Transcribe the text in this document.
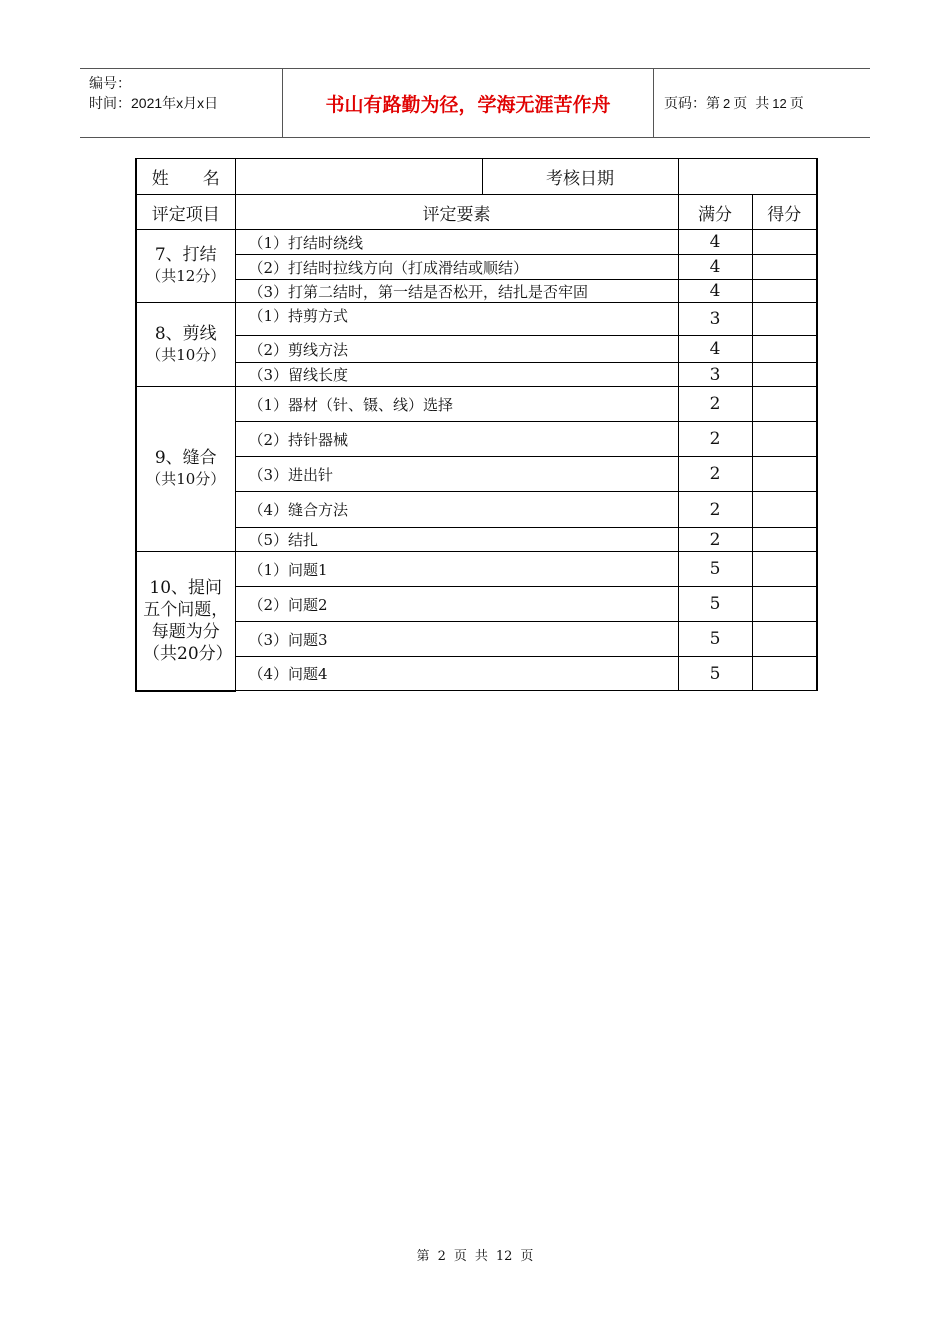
编号：
时间：2021年x月x日	书山有路勤为径，学海无涯苦作舟	页码：第 2 页 共 12 页
姓　　名		考核日期		
评定项目	评定要素		满分	得分

7、打结
（共12分）	（1）打结时绕线		4	
	（2）打结时拉线方向（打成滑结或顺结）		4	
	（3）打第二结时，第一结是否松开，结扎是否牢固		4	

8、剪线
（共10分）	（1）持剪方式		3	
	（2）剪线方法		4	
	（3）留线长度		3	

9、缝合
（共10分）	（1）器材（针、镊、线）选择		2	
	（2）持针器械		2	
	（3）进出针		2	
	（4）缝合方法		2	
	（5）结扎		2	

10、提问五个问题，每题为分（共20分）	（1）问题1		5	
	（2）问题2		5	
	（3）问题3		5	
	（4）问题4		5	
第 2 页 共 12 页
